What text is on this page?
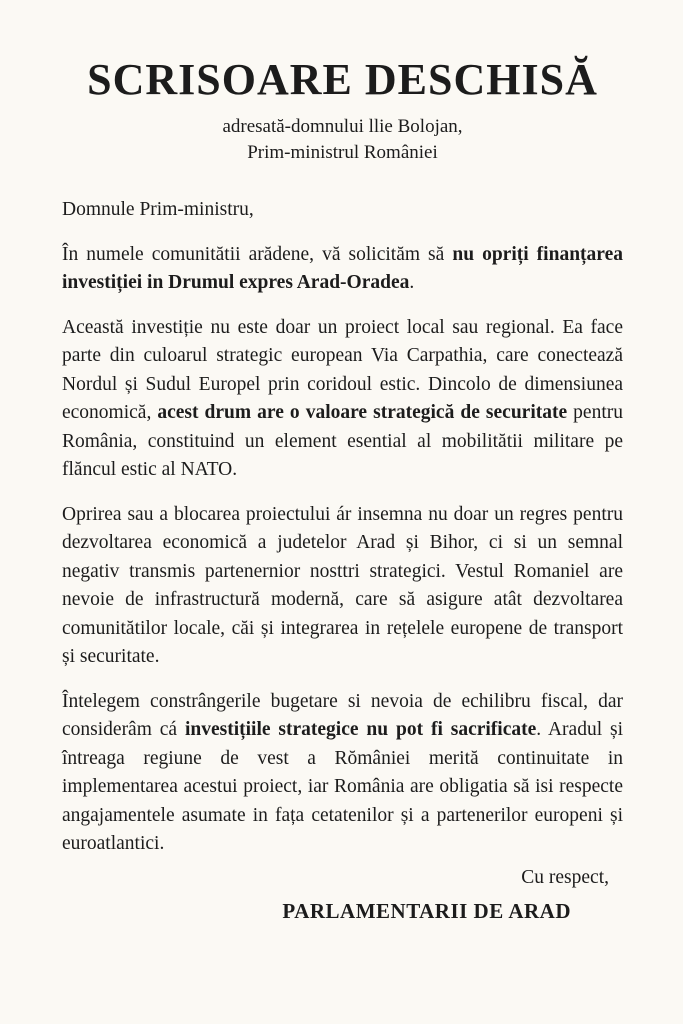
SCRISOARE DESCHISĂ
adresată-domnului llie Bolojan,
Prim-ministrul României

Domnule Prim-ministru,

În numele comunitătii arădene, vă solicităm să nu opriți finanțarea investiției in Drumul expres Arad-Oradea.

Această investiție nu este doar un proiect local sau regional. Ea face parte din culoarul strategic european Via Carpathia, care conectează Nordul și Sudul Europel prin coridoul estic. Dincolo de dimensiunea economică, acest drum are o valoare strategică de securitate pentru România, constituind un element esential al mobilitătii militare pe flăncul estic al NATO.

Oprirea sau a blocarea proiectului ár insemna nu doar un regres pentru dezvoltarea economică a judetelor Arad și Bihor, ci si un semnal negativ transmis partenernior nosttri strategici. Vestul Romaniel are nevoie de infrastructură modernă, care să asigure atât dezvoltarea comunitătilor locale, căi și integrarea in rețelele europene de transport și securitate.

Întelegem constrângerile bugetare si nevoia de echilibru fiscal, dar considerâm cá investițiile strategice nu pot fi sacrificate. Aradul și întreaga regiune de vest a Rŏmâniei merită continuitate in implementarea acestui proiect, iar România are obligatia să isi respecte angajamentele asumate in fața cetatenilor și a partenerilor europeni și euroatlantici.

Cu respect,
PARLAMENTARII DE ARAD
